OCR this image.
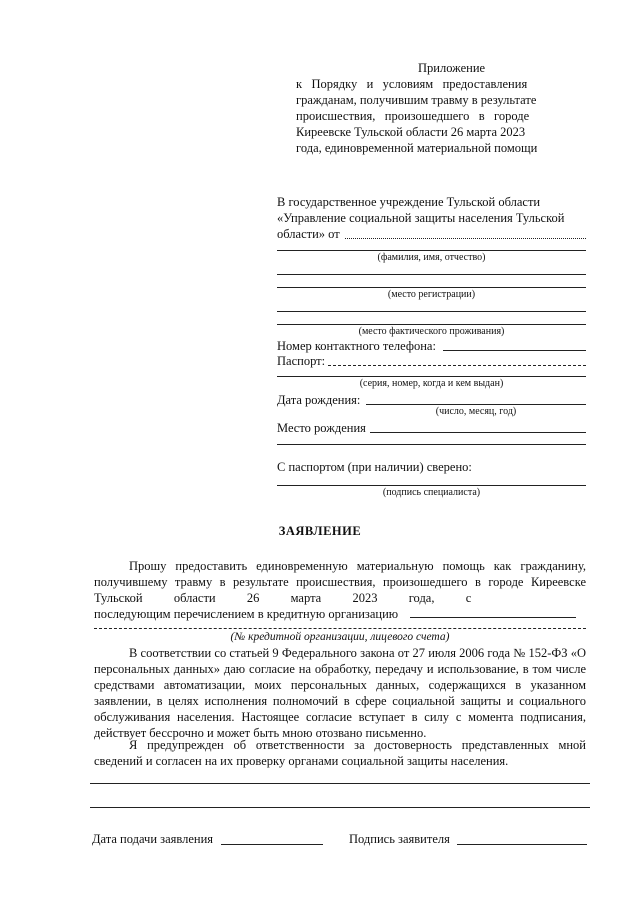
Приложение
к   Порядку   и   условиям   предоставления
гражданам, получившим травму в результате
происшествия,   произошедшего   в   городе
Киреевске Тульской области 26 марта 2023
года, единовременной материальной помощи
В государственное учреждение Тульской области
«Управление социальной защиты населения Тульской
области» от
(фамилия, имя, отчество)
(место регистрации)
(место фактического проживания)
Номер контактного телефона:
Паспорт:
(серия, номер, когда и кем выдан)
Дата рождения:
(число, месяц, год)
Место рождения
С паспортом (при наличии) сверено:
(подпись специалиста)
ЗАЯВЛЕНИЕ
Прошу предоставить единовременную материальную помощь как гражданину,
получившему травму в результате происшествия, произошедшего в городе Киреевске
Тульской          области          26          марта          2023          года,          с
последующим перечислением в кредитную организацию
(№ кредитной организации, лицевого счета)
В соответствии со статьей 9 Федерального закона от 27 июля 2006 года № 152-ФЗ «О персональных данных» даю согласие на обработку, передачу и использование, в том числе средствами автоматизации, моих персональных данных, содержащихся в указанном заявлении, в целях исполнения полномочий в сфере социальной защиты и социального обслуживания населения. Настоящее согласие вступает в силу с момента подписания, действует бессрочно и может быть мною отозвано письменно.
Я предупрежден об ответственности за достоверность представленных мной сведений и согласен на их проверку органами социальной защиты населения.
Дата подачи заявления	Подпись заявителя
